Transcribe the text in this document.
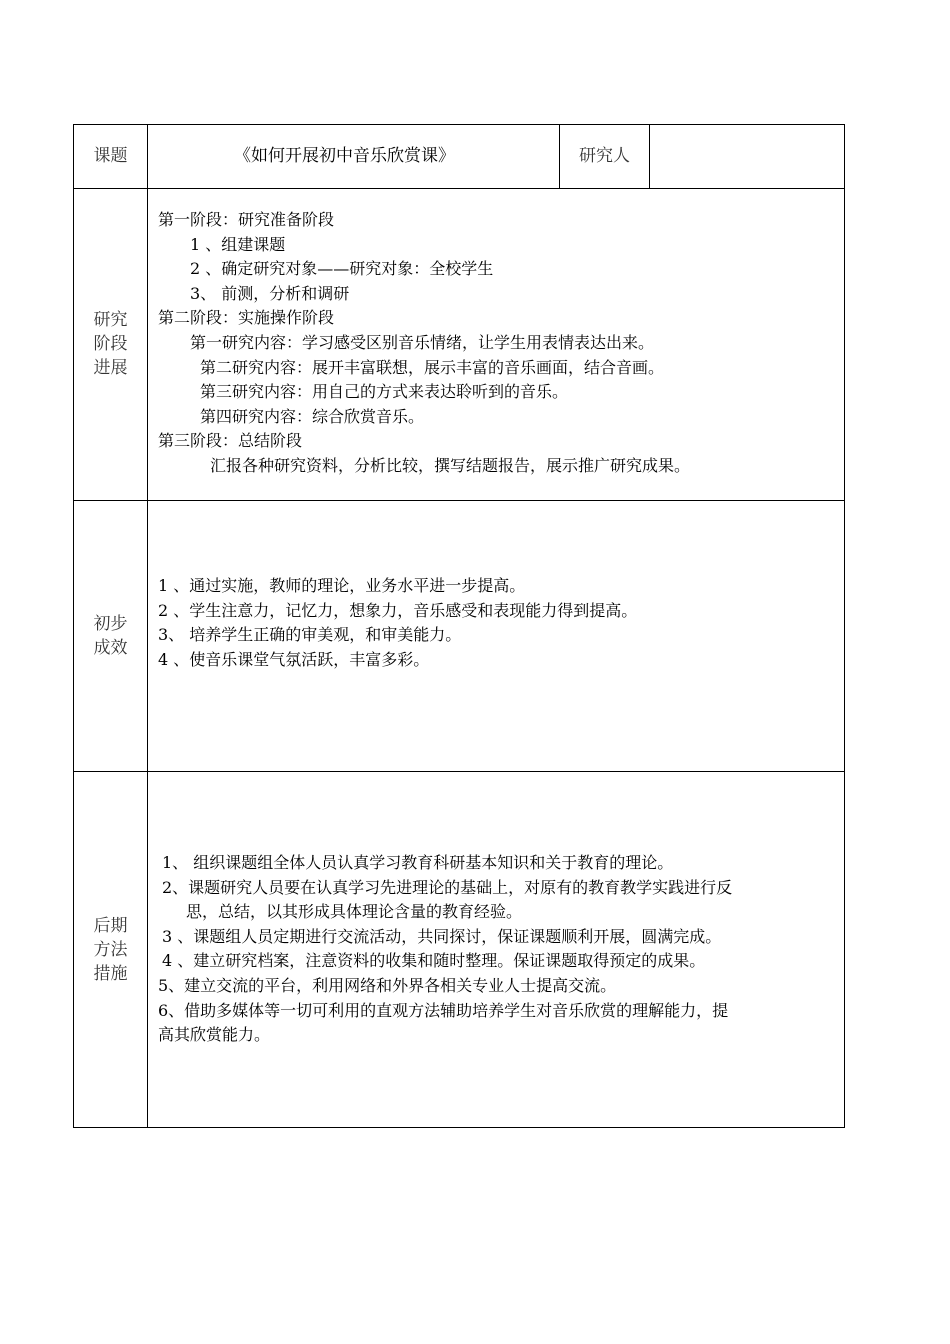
课题	《如何开展初中音乐欣赏课》	研究人
研究
阶段
进展
第一阶段：研究准备阶段
1 、组建课题
2 、确定研究对象——研究对象：全校学生
3、 前测，分析和调研
第二阶段：实施操作阶段
第一研究内容：学习感受区别音乐情绪，让学生用表情表达出来。
第二研究内容：展开丰富联想，展示丰富的音乐画面，结合音画。
第三研究内容：用自己的方式来表达聆听到的音乐。
第四研究内容：综合欣赏音乐。
第三阶段：总结阶段
汇报各种研究资料，分析比较，撰写结题报告，展示推广研究成果。
初步
成效
1 、通过实施，教师的理论，业务水平进一步提高。
2 、学生注意力，记忆力，想象力，音乐感受和表现能力得到提高。
3、 培养学生正确的审美观，和审美能力。
4 、使音乐课堂气氛活跃，丰富多彩。
后期
方法
措施
1、 组织课题组全体人员认真学习教育科研基本知识和关于教育的理论。
2、课题研究人员要在认真学习先进理论的基础上，对原有的教育教学实践进行反
思，总结，以其形成具体理论含量的教育经验。
3 、课题组人员定期进行交流活动，共同探讨，保证课题顺利开展，圆满完成。
4 、建立研究档案，注意资料的收集和随时整理。保证课题取得预定的成果。
5、建立交流的平台，利用网络和外界各相关专业人士提高交流。
6、借助多媒体等一切可利用的直观方法辅助培养学生对音乐欣赏的理解能力，提
高其欣赏能力。
